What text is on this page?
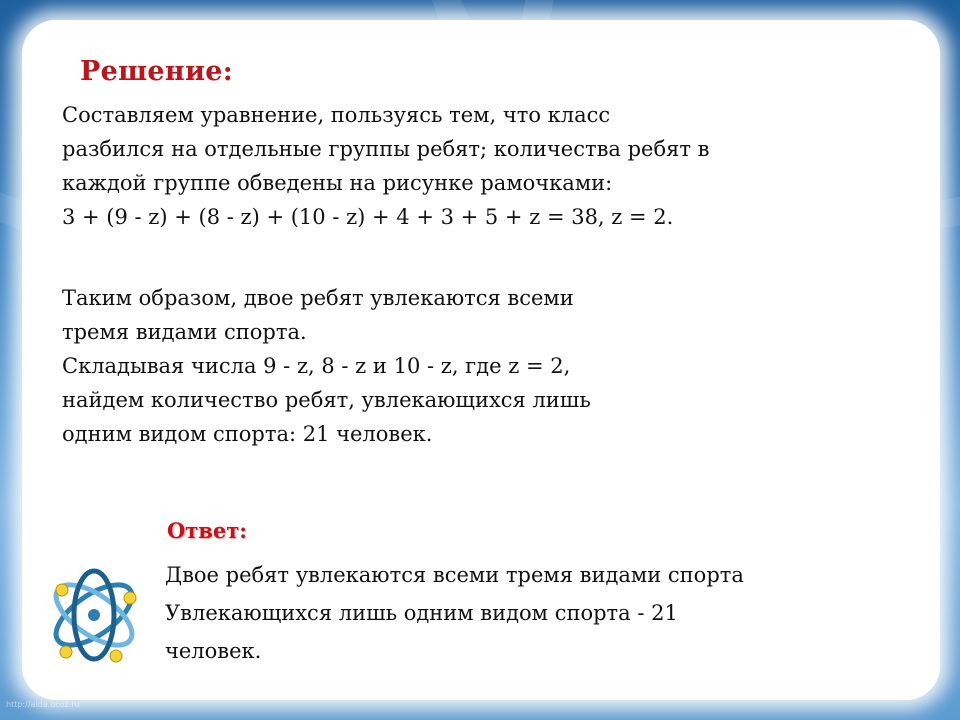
Решение:
Составляем уравнение, пользуясь тем, что класс
разбился на отдельные группы ребят; количества ребят в
каждой группе обведены на рисунке рамочками:
3 + (9 - z) + (8 - z) + (10 - z) + 4 + 3 + 5 + z = 38, z = 2.
Таким образом, двое ребят увлекаются всеми
тремя видами спорта.
Складывая числа 9 - z, 8 - z и 10 - z, где z = 2,
найдем количество ребят, увлекающихся лишь
одним видом спорта: 21 человек.
Ответ:
Двое ребят увлекаются всеми тремя видами спорта
Увлекающихся лишь одним видом спорта - 21
человек.
http://aida.ucoz.ru
